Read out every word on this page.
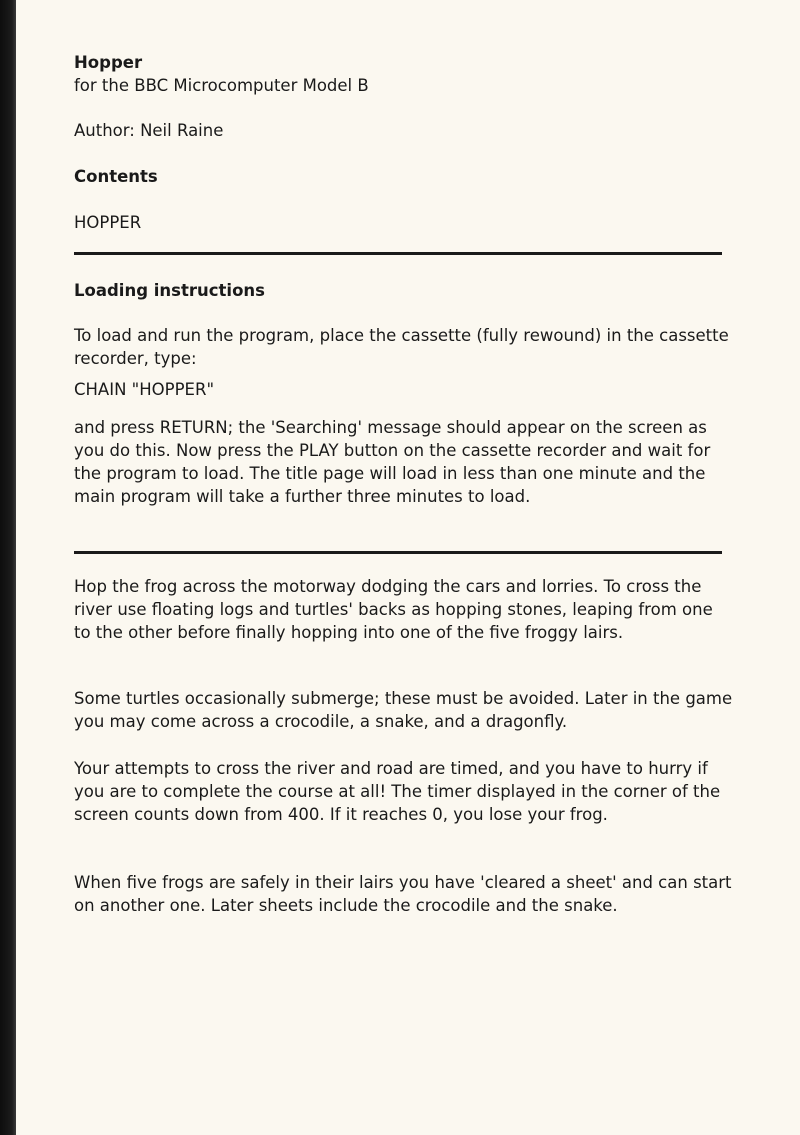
Hopper

for the BBC Microcomputer Model B

Author: Neil Raine

Contents

HOPPER

Loading instructions

To load and run the program, place the cassette (fully rewound) in the cassette recorder, type:

CHAIN "HOPPER"

and press RETURN; the 'Searching' message should appear on the screen as you do this. Now press the PLAY button on the cassette recorder and wait for the program to load. The title page will load in less than one minute and the main program will take a further three minutes to load.

Hop the frog across the motorway dodging the cars and lorries. To cross the river use floating logs and turtles' backs as hopping stones, leaping from one to the other before finally hopping into one of the five froggy lairs.

Some turtles occasionally submerge; these must be avoided. Later in the game you may come across a crocodile, a snake, and a dragonfly.

Your attempts to cross the river and road are timed, and you have to hurry if you are to complete the course at all! The timer displayed in the corner of the screen counts down from 400. If it reaches 0, you lose your frog.

When five frogs are safely in their lairs you have 'cleared a sheet' and can start on another one. Later sheets include the crocodile and the snake.
